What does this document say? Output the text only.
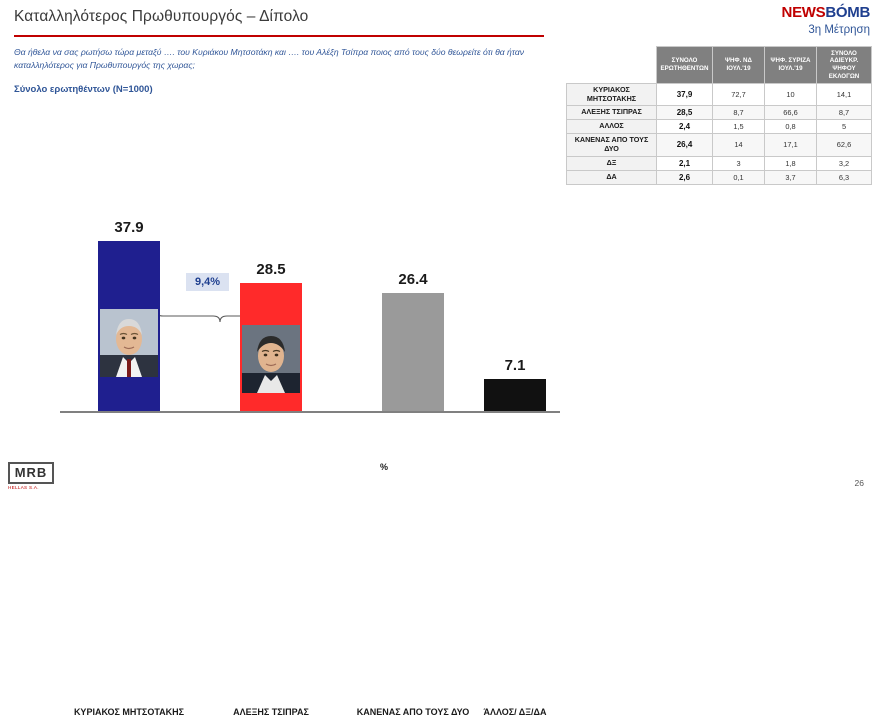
Καταλληλότερος Πρωθυπουργός – Δίπολο	NEWSBÓMB
3η Μέτρηση
Θα ήθελα να σας ρωτήσω τώρα μεταξύ …. του Κυριάκου Μητσοτάκη και …. του Αλέξη Τσίπρα ποιος από τους δύο θεωρείτε ότι θα ήταν καταλληλότερος για Πρωθυπουργός της χωρας;
Σύνολο ερωτηθέντων (Ν=1000)
	ΣΥΝΟΛΟ ΕΡΩΤΗΘΕΝΤΩΝ	ΨΗΦ. ΝΔ ΙΟΥΛ.'19	ΨΗΦ. ΣΥΡΙΖΑ ΙΟΥΛ.'19	ΣΥΝΟΛΟ ΑΔΙΕΥΚΡ. ΨΗΦΟΥ ΕΚΛΟΓΩΝ
ΚΥΡΙΑΚΟΣ ΜΗΤΣΟΤΑΚΗΣ	37,9	72,7	10	14,1
ΑΛΕΞΗΣ ΤΣΙΠΡΑΣ	28,5	8,7	66,6	8,7
ΑΛΛΟΣ	2,4	1,5	0,8	5
ΚΑΝΕΝΑΣ ΑΠΟ ΤΟΥΣ ΔΥΟ	26,4	14	17,1	62,6
ΔΞ	2,1	3	1,8	3,2
ΔΑ	2,6	0,1	3,7	6,3
9,4%
37.9
ΚΥΡΙΑΚΟΣ ΜΗΤΣΟΤΑΚΗΣ
28.5
ΑΛΕΞΗΣ ΤΣΙΠΡΑΣ
26.4
ΚΑΝΕΝΑΣ ΑΠΟ ΤΟΥΣ ΔΥΟ
7.1
ΆΛΛΟΣ/ ΔΞ/ΔΑ
%
MRB
HELLAS S.A.	26
